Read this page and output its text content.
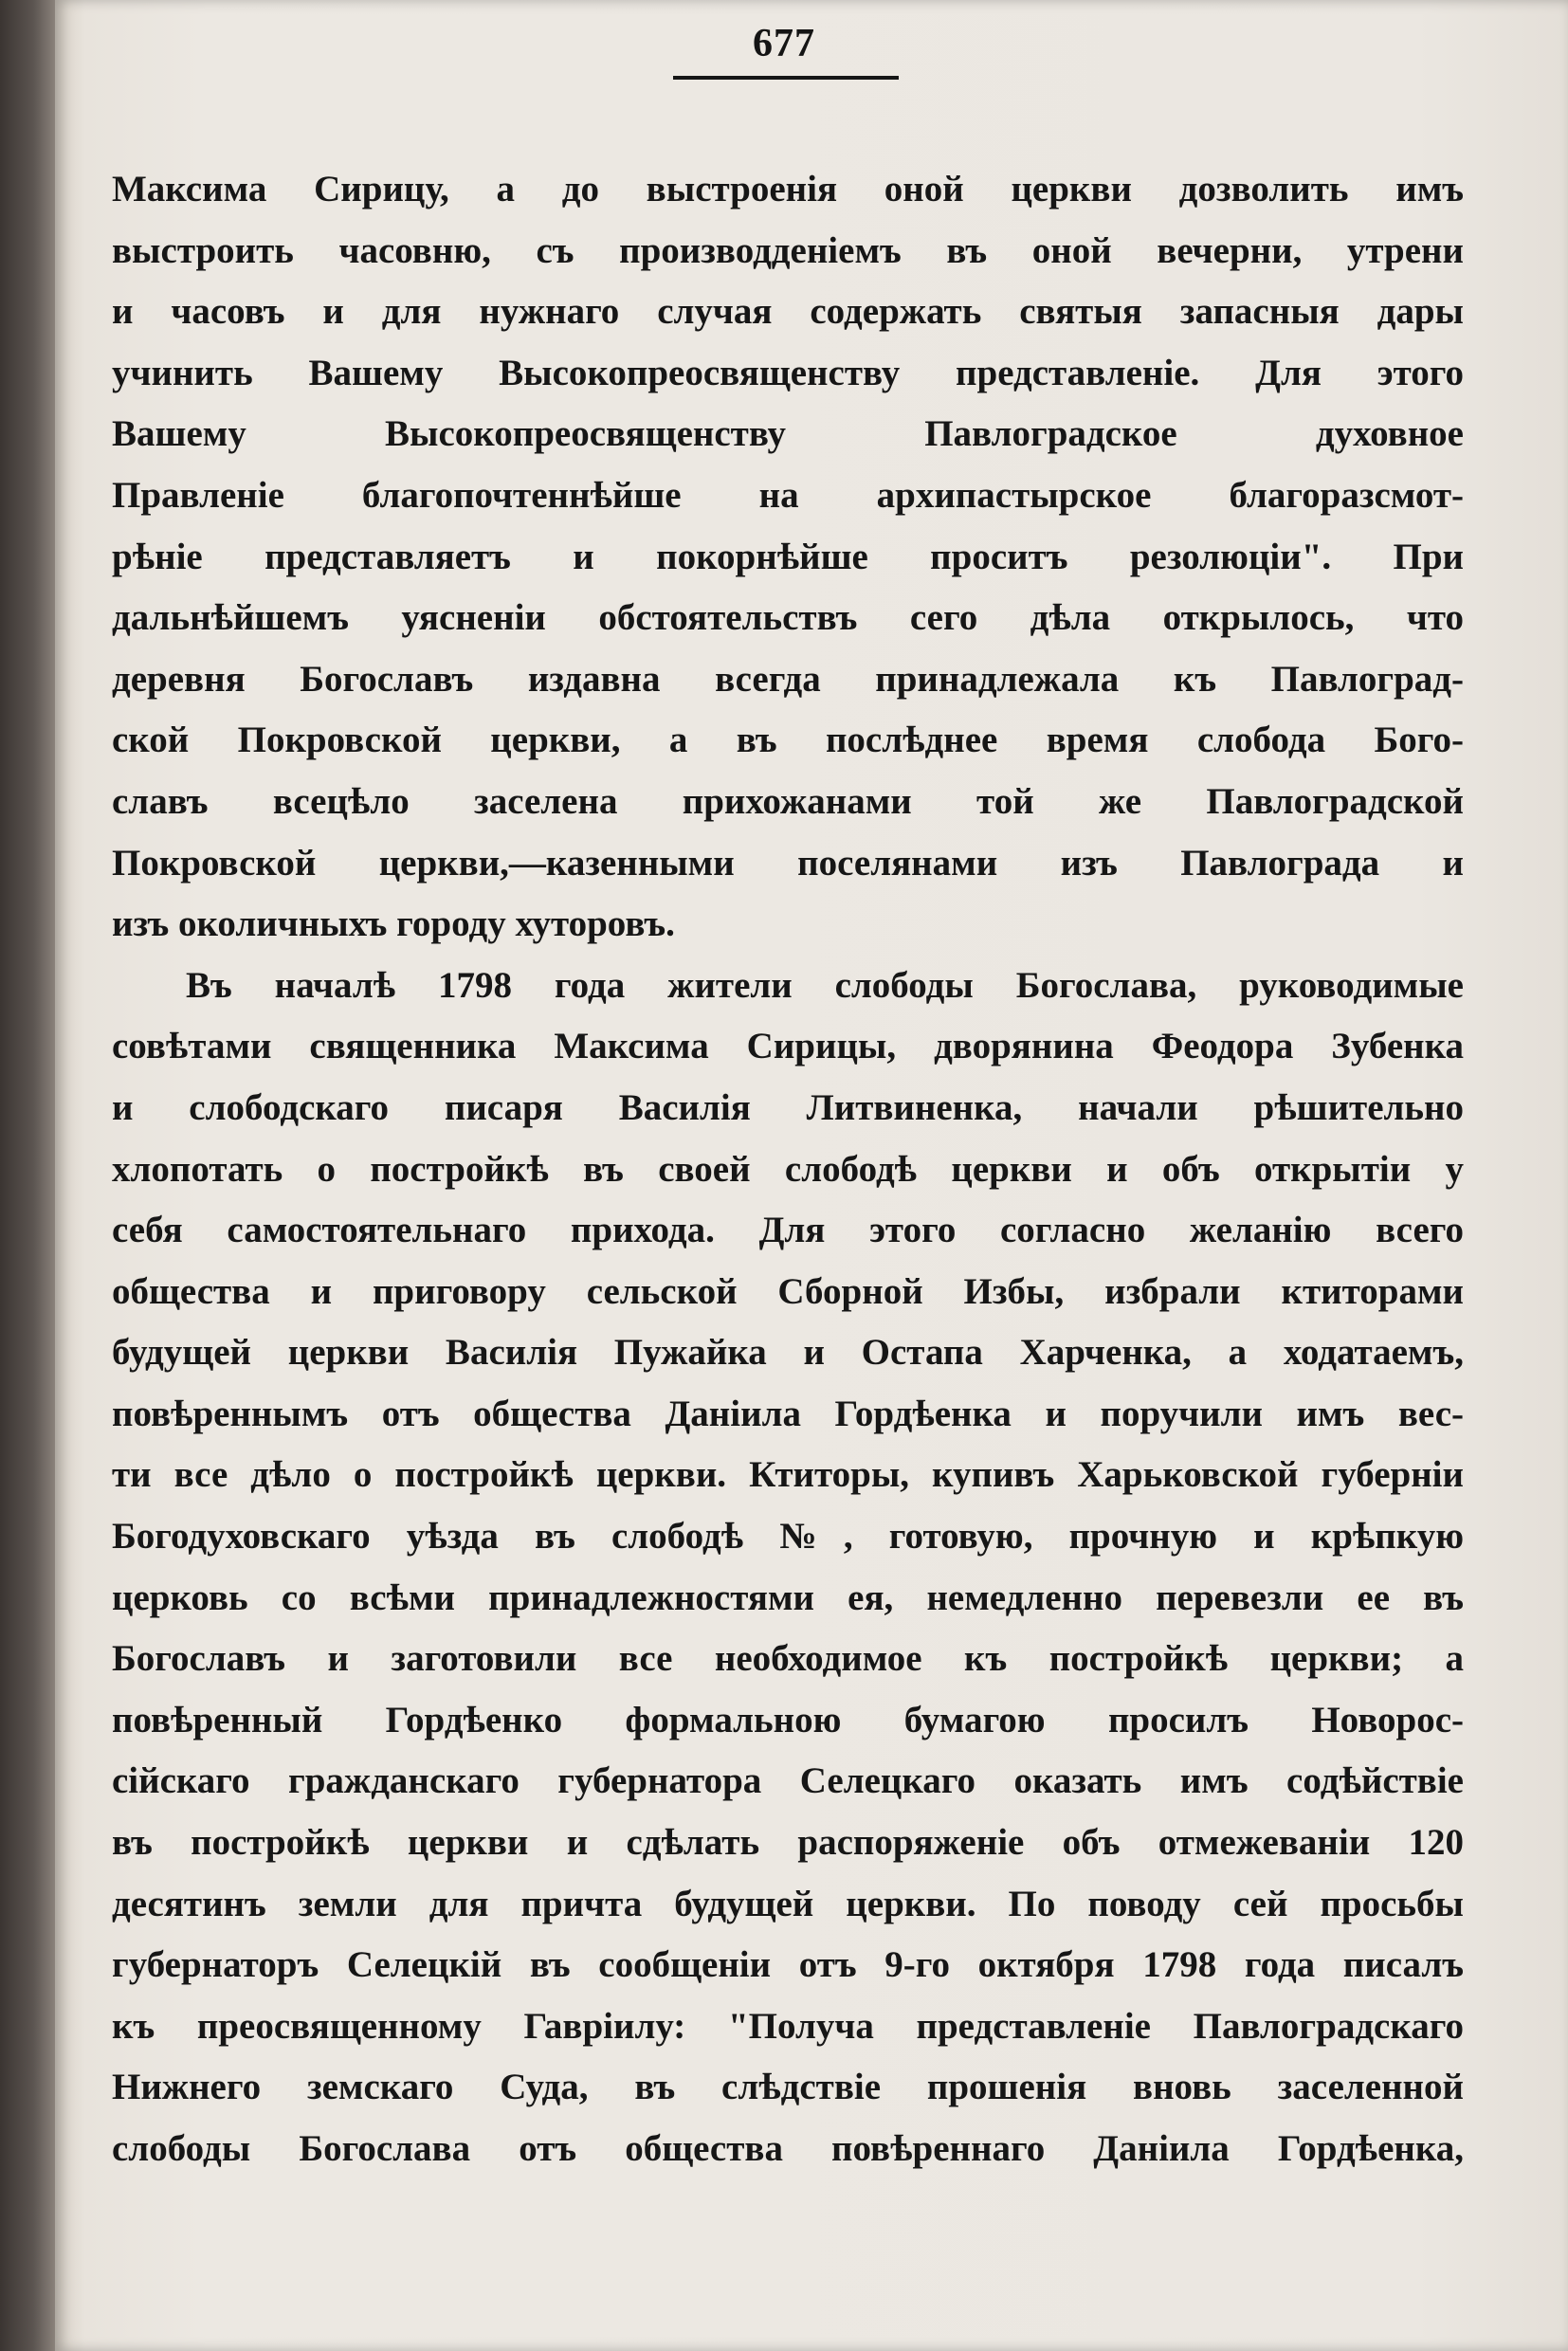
677
Максима Сирицу, а до выстроенія оной церкви дозволить имъ
выстроить часовню, съ производденіемъ въ оной вечерни, утрени
и часовъ и для нужнаго случая содержать святыя запасныя дары
учинить Вашему Высокопреосвященству представленіе. Для этого
Вашему Высокопреосвященству Павлоградское духовное
Правленіе благопочтеннѣйше на архипастырское благоразсмот-
рѣніе представляетъ и покорнѣйше проситъ резолюціи". При
дальнѣйшемъ уясненіи обстоятельствъ сего дѣла открылось, что
деревня Богославъ издавна всегда принадлежала къ Павлоград-
ской Покровской церкви, а въ послѣднее время слобода Бого-
славъ всецѣло заселена прихожанами той же Павлоградской
Покровской церкви,—казенными поселянами изъ Павлограда и
изъ околичныхъ городу хуторовъ.
Въ началѣ 1798 года жители слободы Богослава, руководимые
совѣтами священника Максима Сирицы, дворянина Феодора Зубенка
и слободскаго писаря Василія Литвиненка, начали рѣшительно
хлопотать о постройкѣ въ своей слободѣ церкви и объ открытіи у
себя самостоятельнаго прихода. Для этого согласно желанію всего
общества и приговору сельской Сборной Избы, избрали ктиторами
будущей церкви Василія Пужайка и Остапа Харченка, а ходатаемъ,
повѣреннымъ отъ общества Даніила Гордѣенка и поручили имъ вес-
ти все дѣло о постройкѣ церкви. Ктиторы, купивъ Харьковской губерніи
Богодуховскаго уѣзда въ слободѣ №, готовую, прочную и крѣпкую
церковь со всѣми принадлежностями ея, немедленно перевезли ее въ
Богославъ и заготовили все необходимое къ постройкѣ церкви; а
повѣренный Гордѣенко формальною бумагою просилъ Новорос-
сійскаго гражданскаго губернатора Селецкаго оказать имъ содѣйствіе
въ постройкѣ церкви и сдѣлать распоряженіе объ отмежеваніи 120
десятинъ земли для причта будущей церкви. По поводу сей просьбы
губернаторъ Селецкій въ сообщеніи отъ 9-го октября 1798 года писалъ
къ преосвященному Гавріилу: "Получа представленіе Павлоградскаго
Нижнего земскаго Суда, въ слѣдствіе прошенія вновь заселенной
слободы Богослава отъ общества повѣреннаго Даніила Гордѣенка,
